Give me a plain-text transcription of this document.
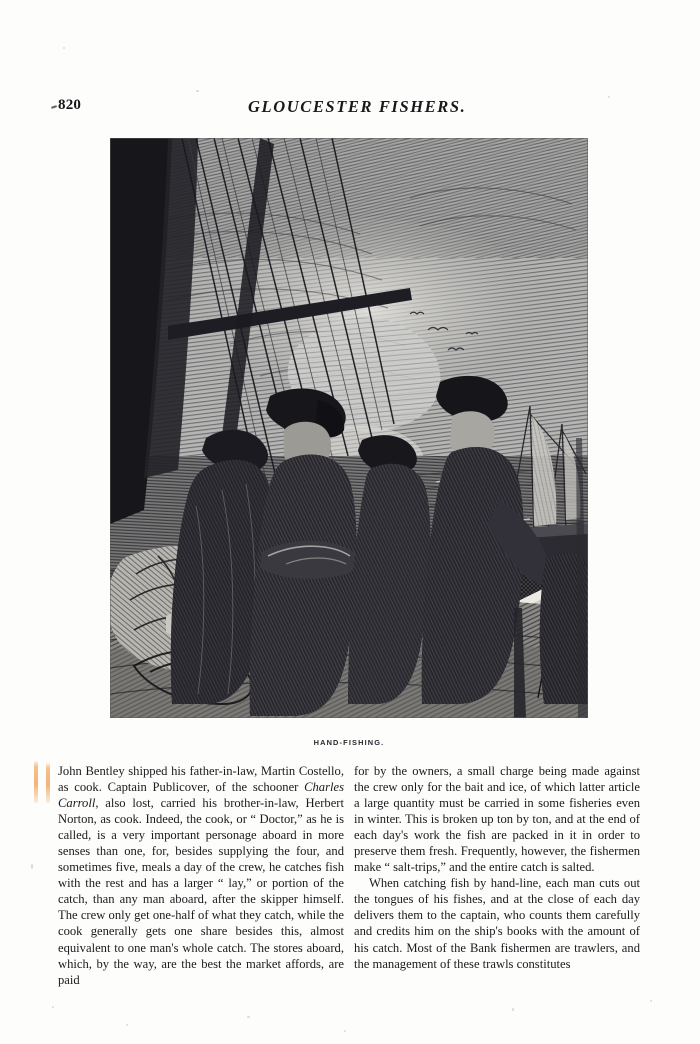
820	GLOUCESTER FISHERS.
HAND-FISHING.

John Bentley shipped his father-in-law, Martin Costello, as cook. Captain Publicover, of the schooner Charles Carroll, also lost, carried his brother-in-law, Herbert Norton, as cook. Indeed, the cook, or “ Doctor,” as he is called, is a very important personage aboard in more senses than one, for, besides supplying the four, and sometimes five, meals a day of the crew, he catches fish with the rest and has a larger “ lay,” or portion of the catch, than any man aboard, after the skipper himself. The crew only get one-half of what they catch, while the cook generally gets one share besides this, almost equivalent to one man's whole catch. The stores aboard, which, by the way, are the best the market affords, are paid

for by the owners, a small charge being made against the crew only for the bait and ice, of which latter article a large quantity must be carried in some fisheries even in winter. This is broken up ton by ton, and at the end of each day's work the fish are packed in it in order to preserve them fresh. Frequently, however, the fishermen make “ salt-trips,” and the entire catch is salted.

When catching fish by hand-line, each man cuts out the tongues of his fishes, and at the close of each day delivers them to the captain, who counts them carefully and credits him on the ship's books with the amount of his catch. Most of the Bank fishermen are trawlers, and the management of these trawls constitutes
